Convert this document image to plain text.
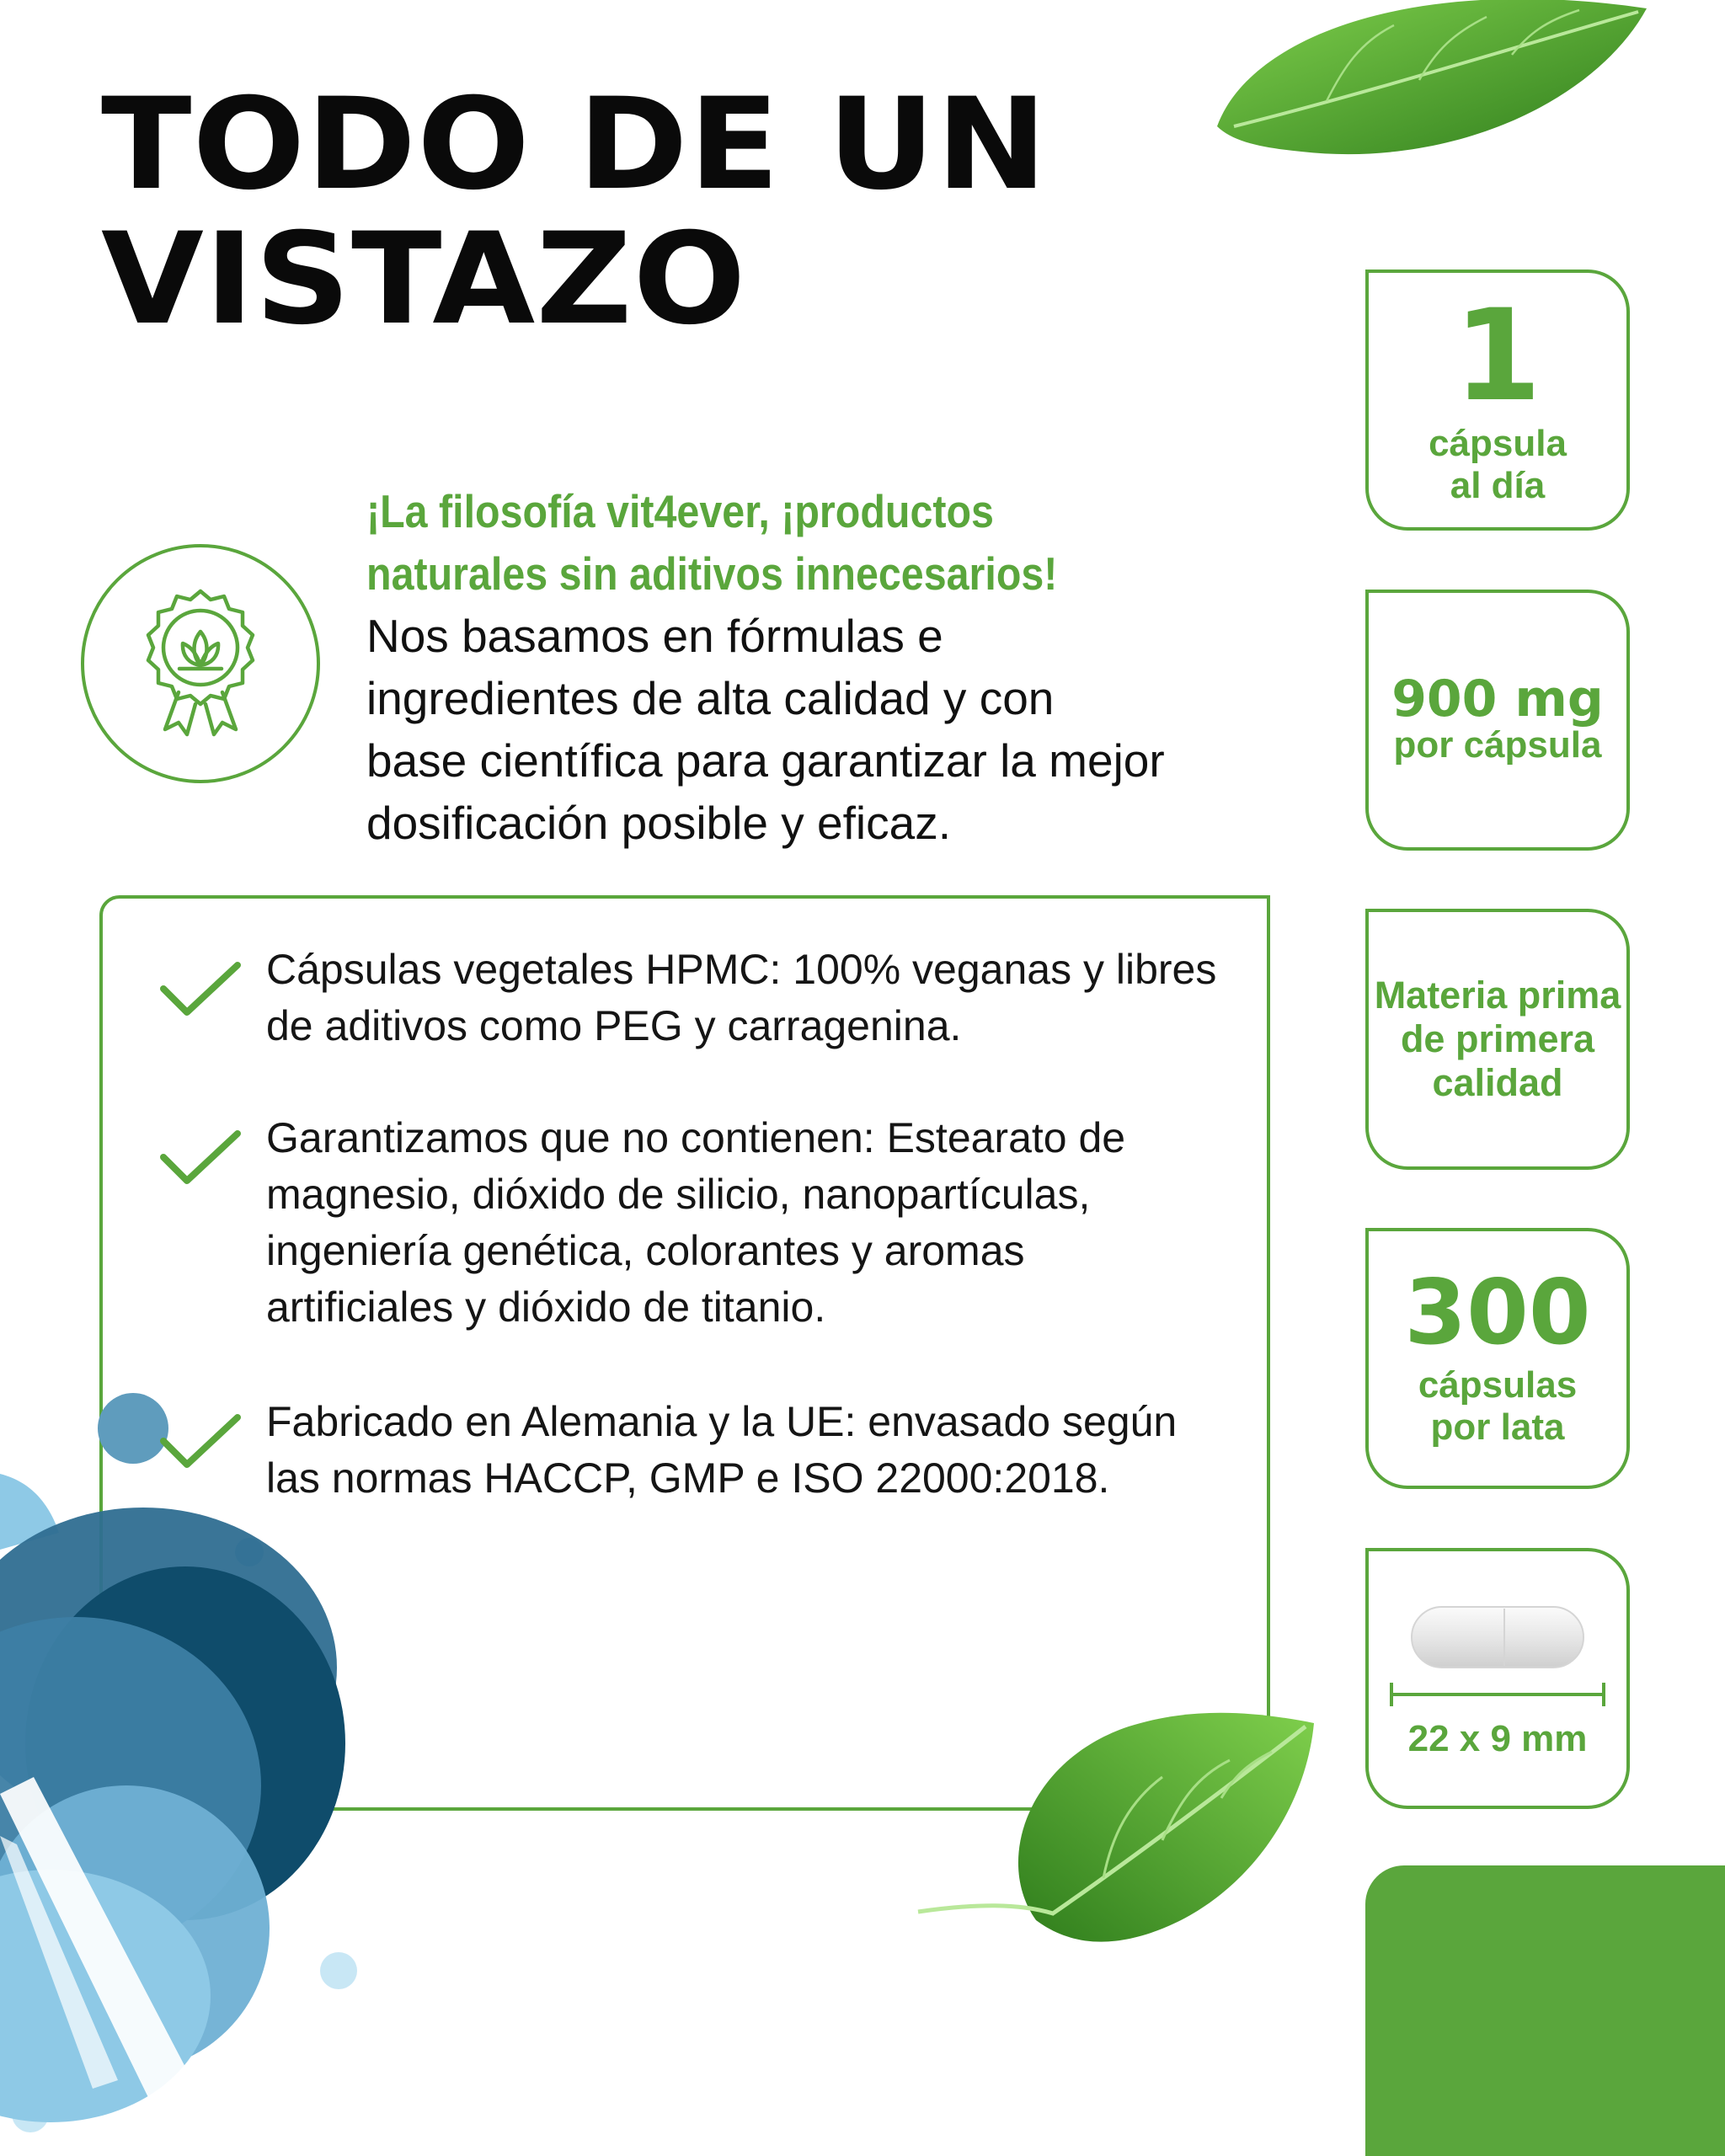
TODO DE UN
VISTAZO
¡La filosofía vit4ever, ¡productos
naturales sin aditivos innecesarios!
Nos basamos en fórmulas e
ingredientes de alta calidad y con
base científica para garantizar la mejor
dosificación posible y eficaz.
Cápsulas vegetales HPMC: 100% veganas y libres
de aditivos como PEG y carragenina.
Garantizamos que no contienen: Estearato de
magnesio, dióxido de silicio, nanopartículas,
ingeniería genética, colorantes y aromas
artificiales y dióxido de titanio.
Fabricado en Alemania y la UE: envasado según
las normas HACCP, GMP e ISO 22000:2018.
1
cápsula
al día
900 mg
por cápsula
Materia prima
de primera
calidad
300
cápsulas
por lata
22 x 9 mm
